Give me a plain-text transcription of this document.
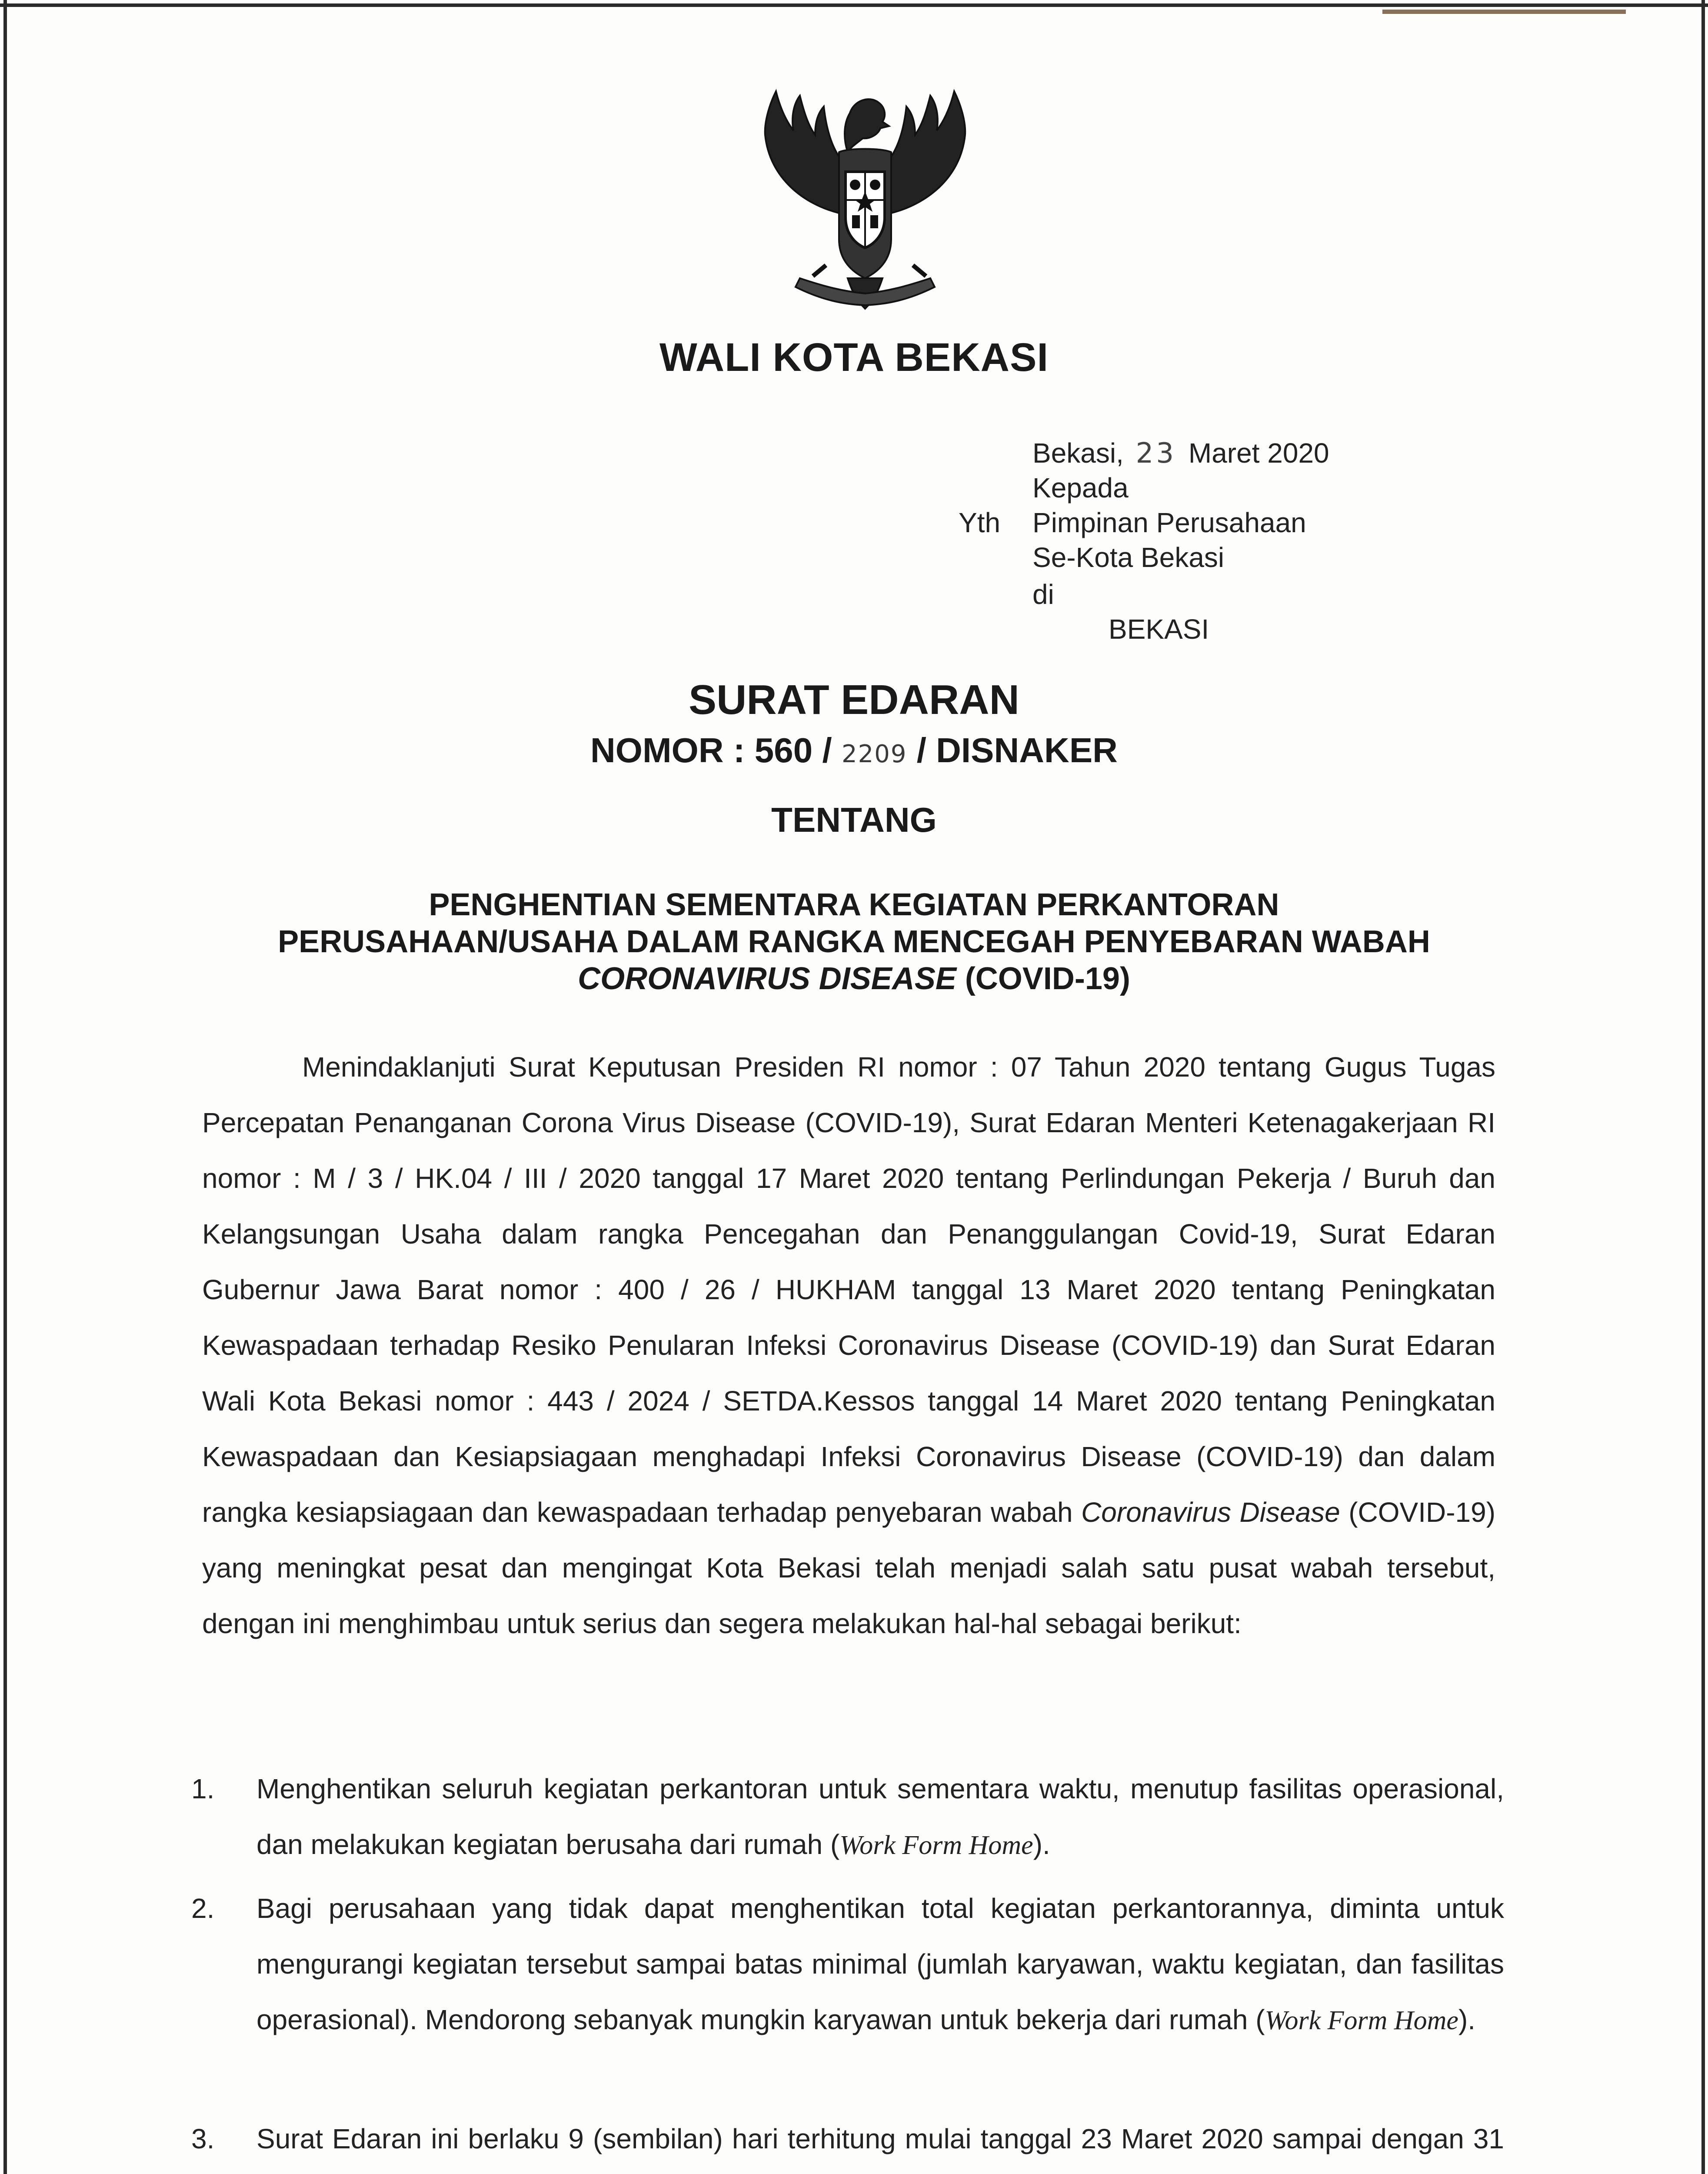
WALI KOTA BEKASI
Bekasi, 23 Maret 2020
Kepada
Yth Pimpinan Perusahaan
Se-Kota Bekasi
di
BEKASI
SURAT EDARAN
NOMOR : 560 / 2209 / DISNAKER
TENTANG
PENGHENTIAN SEMENTARA KEGIATAN PERKANTORAN
PERUSAHAAN/USAHA DALAM RANGKA MENCEGAH PENYEBARAN WABAH
CORONAVIRUS DISEASE (COVID-19)
Menindaklanjuti Surat Keputusan Presiden RI nomor : 07 Tahun 2020 tentang Gugus Tugas Percepatan Penanganan Corona Virus Disease (COVID-19), Surat Edaran Menteri Ketenagakerjaan RI nomor : M / 3 / HK.04 / III / 2020 tanggal 17 Maret 2020 tentang Perlindungan Pekerja / Buruh dan Kelangsungan Usaha dalam rangka Pencegahan dan Penanggulangan Covid-19, Surat Edaran Gubernur Jawa Barat nomor : 400 / 26 / HUKHAM tanggal 13 Maret 2020 tentang Peningkatan Kewaspadaan terhadap Resiko Penularan Infeksi Coronavirus Disease (COVID-19) dan Surat Edaran Wali Kota Bekasi nomor : 443 / 2024 / SETDA.Kessos tanggal 14 Maret 2020 tentang Peningkatan Kewaspadaan dan Kesiapsiagaan menghadapi Infeksi Coronavirus Disease (COVID-19) dan dalam rangka kesiapsiagaan dan kewaspadaan terhadap penyebaran wabah Coronavirus Disease (COVID-19) yang meningkat pesat dan mengingat Kota Bekasi telah menjadi salah satu pusat wabah tersebut, dengan ini menghimbau untuk serius dan segera melakukan hal-hal sebagai berikut:
1.	Menghentikan seluruh kegiatan perkantoran untuk sementara waktu, menutup fasilitas operasional, dan melakukan kegiatan berusaha dari rumah (Work Form Home).
2.	Bagi perusahaan yang tidak dapat menghentikan total kegiatan perkantorannya, diminta untuk mengurangi kegiatan tersebut sampai batas minimal (jumlah karyawan, waktu kegiatan, dan fasilitas operasional). Mendorong sebanyak mungkin karyawan untuk bekerja dari rumah (Work Form Home).
3.	Surat Edaran ini berlaku 9 (sembilan) hari terhitung mulai tanggal 23 Maret 2020 sampai dengan 31
